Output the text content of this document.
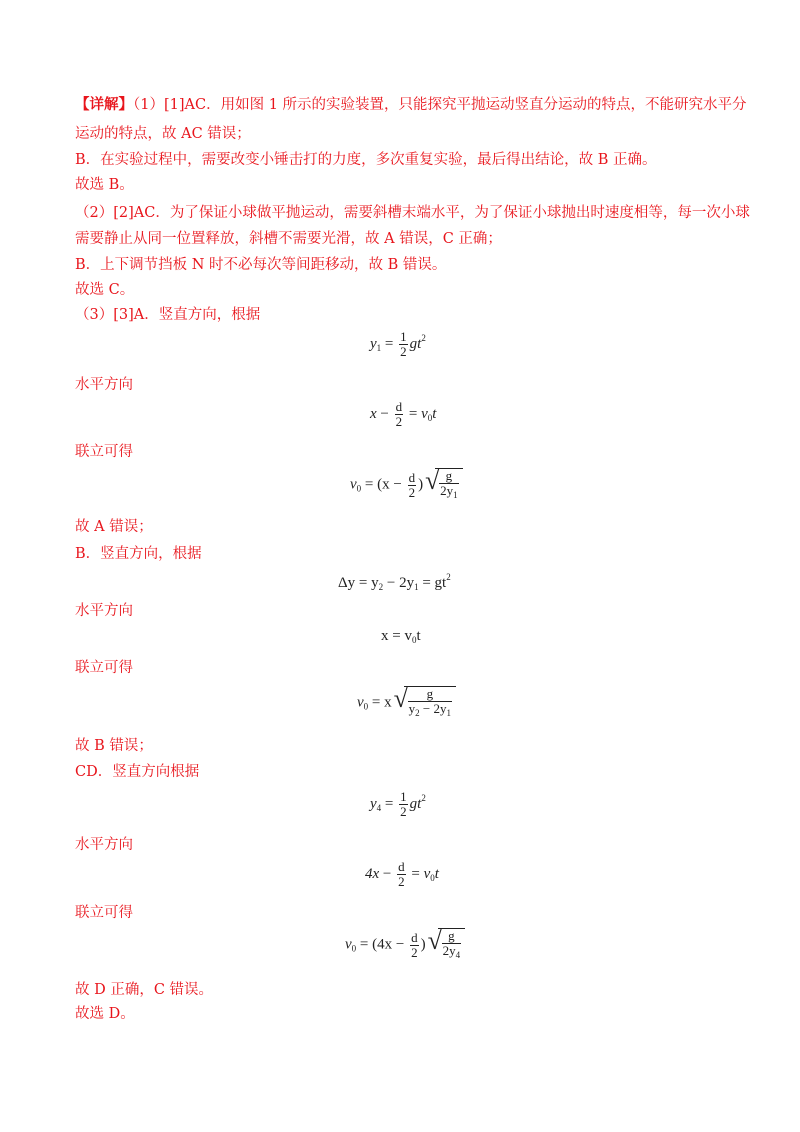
【详解】（1）[1]AC．用如图 1 所示的实验装置，只能探究平抛运动竖直分运动的特点，不能研究水平分
运动的特点，故 AC 错误；
B．在实验过程中，需要改变小锤击打的力度，多次重复实验，最后得出结论，故 B 正确。
故选 B。
（2）[2]AC．为了保证小球做平抛运动，需要斜槽末端水平，为了保证小球抛出时速度相等，每一次小球
需要静止从同一位置释放，斜槽不需要光滑，故 A 错误，C 正确；
B．上下调节挡板 N 时不必每次等间距移动，故 B 错误。
故选 C。
（3）[3]A．竖直方向，根据
$y_1 = \frac{1}{2} gt^2$
水平方向
$x - \frac{d}{2} = v_0t$
联立可得
$v_0 = (x - \frac{d}{2}$ ) √ $\frac{g}{2y_1}$
故 A 错误；
B．竖直方向，根据
$\Delta y = y_2 - 2y_1 = gt^2$
水平方向
$x = v_0t$
联立可得
$v_0 = x$ √ $\frac{g}{y_2 - 2y_1}$
故 B 错误；
CD．竖直方向根据
$y_4 = \frac{1}{2} gt^2$
水平方向
$4x - \frac{d}{2} = v_0t$
联立可得
$v_0 = (4x - \frac{d}{2}$ ) √ $\frac{g}{2y_4}$
故 D 正确，C 错误。
故选 D。
